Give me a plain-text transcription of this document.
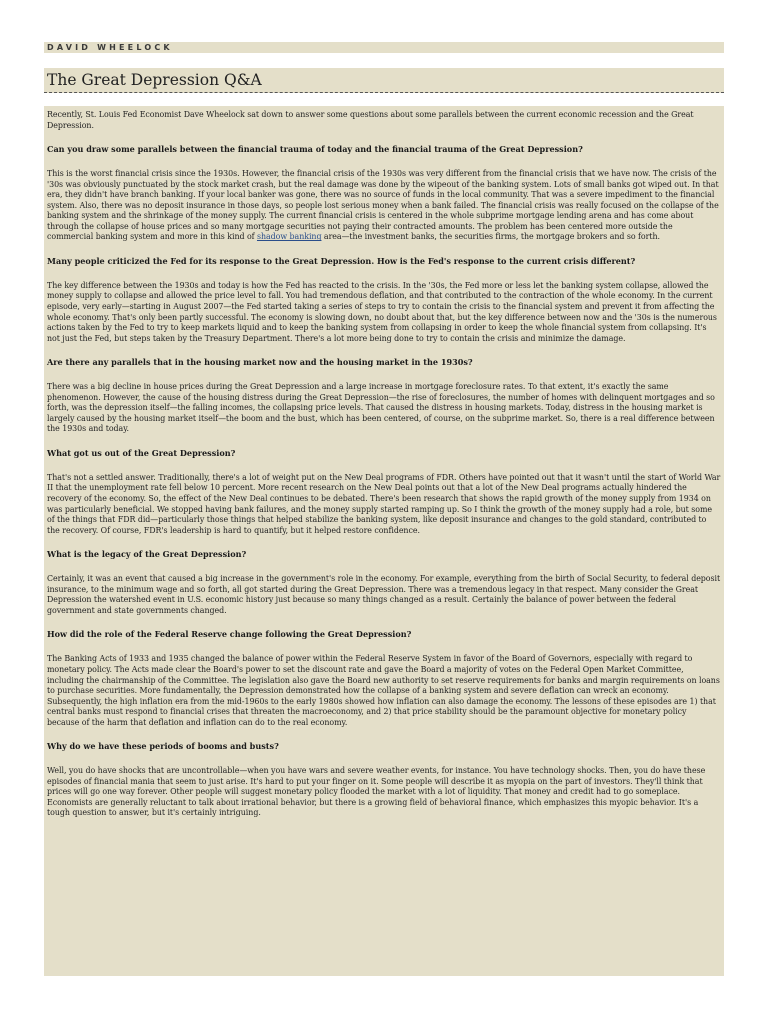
DAVID WHEELOCK
The Great Depression Q&A

Recently, St. Louis Fed Economist Dave Wheelock sat down to answer some questions about some parallels between the current economic recession and the Great Depression.

Can you draw some parallels between the financial trauma of today and the financial trauma of the Great Depression?

This is the worst financial crisis since the 1930s. However, the financial crisis of the 1930s was very different from the financial crisis that we have now. The crisis of the '30s was obviously punctuated by the stock market crash, but the real damage was done by the wipeout of the banking system. Lots of small banks got wiped out. In that era, they didn't have branch banking. If your local banker was gone, there was no source of funds in the local community. That was a severe impediment to the financial system. Also, there was no deposit insurance in those days, so people lost serious money when a bank failed. The financial crisis was really focused on the collapse of the banking system and the shrinkage of the money supply. The current financial crisis is centered in the whole subprime mortgage lending arena and has come about through the collapse of house prices and so many mortgage securities not paying their contracted amounts. The problem has been centered more outside the commercial banking system and more in this kind of shadow banking area—the investment banks, the securities firms, the mortgage brokers and so forth.

Many people criticized the Fed for its response to the Great Depression. How is the Fed's response to the current crisis different?

The key difference between the 1930s and today is how the Fed has reacted to the crisis. In the '30s, the Fed more or less let the banking system collapse, allowed the money supply to collapse and allowed the price level to fall. You had tremendous deflation, and that contributed to the contraction of the whole economy. In the current episode, very early—starting in August 2007—the Fed started taking a series of steps to try to contain the crisis to the financial system and prevent it from affecting the whole economy. That's only been partly successful. The economy is slowing down, no doubt about that, but the key difference between now and the '30s is the numerous actions taken by the Fed to try to keep markets liquid and to keep the banking system from collapsing in order to keep the whole financial system from collapsing. It's not just the Fed, but steps taken by the Treasury Department. There's a lot more being done to try to contain the crisis and minimize the damage.

Are there any parallels that in the housing market now and the housing market in the 1930s?

There was a big decline in house prices during the Great Depression and a large increase in mortgage foreclosure rates. To that extent, it's exactly the same phenomenon. However, the cause of the housing distress during the Great Depression—the rise of foreclosures, the number of homes with delinquent mortgages and so forth, was the depression itself—the falling incomes, the collapsing price levels. That caused the distress in housing markets. Today, distress in the housing market is largely caused by the housing market itself—the boom and the bust, which has been centered, of course, on the subprime market. So, there is a real difference between the 1930s and today.

What got us out of the Great Depression?

That's not a settled answer. Traditionally, there's a lot of weight put on the New Deal programs of FDR. Others have pointed out that it wasn't until the start of World War II that the unemployment rate fell below 10 percent. More recent research on the New Deal points out that a lot of the New Deal programs actually hindered the recovery of the economy. So, the effect of the New Deal continues to be debated. There's been research that shows the rapid growth of the money supply from 1934 on was particularly beneficial. We stopped having bank failures, and the money supply started ramping up. So I think the growth of the money supply had a role, but some of the things that FDR did—particularly those things that helped stabilize the banking system, like deposit insurance and changes to the gold standard, contributed to the recovery. Of course, FDR's leadership is hard to quantify, but it helped restore confidence.

What is the legacy of the Great Depression?

Certainly, it was an event that caused a big increase in the government's role in the economy. For example, everything from the birth of Social Security, to federal deposit insurance, to the minimum wage and so forth, all got started during the Great Depression. There was a tremendous legacy in that respect. Many consider the Great Depression the watershed event in U.S. economic history just because so many things changed as a result. Certainly the balance of power between the federal government and state governments changed.

How did the role of the Federal Reserve change following the Great Depression?

The Banking Acts of 1933 and 1935 changed the balance of power within the Federal Reserve System in favor of the Board of Governors, especially with regard to monetary policy. The Acts made clear the Board's power to set the discount rate and gave the Board a majority of votes on the Federal Open Market Committee, including the chairmanship of the Committee. The legislation also gave the Board new authority to set reserve requirements for banks and margin requirements on loans to purchase securities. More fundamentally, the Depression demonstrated how the collapse of a banking system and severe deflation can wreck an economy. Subsequently, the high inflation era from the mid-1960s to the early 1980s showed how inflation can also damage the economy. The lessons of these episodes are 1) that central banks must respond to financial crises that threaten the macroeconomy, and 2) that price stability should be the paramount objective for monetary policy because of the harm that deflation and inflation can do to the real economy.

Why do we have these periods of booms and busts?

Well, you do have shocks that are uncontrollable—when you have wars and severe weather events, for instance. You have technology shocks. Then, you do have these episodes of financial mania that seem to just arise. It's hard to put your finger on it. Some people will describe it as myopia on the part of investors. They'll think that prices will go one way forever. Other people will suggest monetary policy flooded the market with a lot of liquidity. That money and credit had to go someplace. Economists are generally reluctant to talk about irrational behavior, but there is a growing field of behavioral finance, which emphasizes this myopic behavior. It's a tough question to answer, but it's certainly intriguing.
